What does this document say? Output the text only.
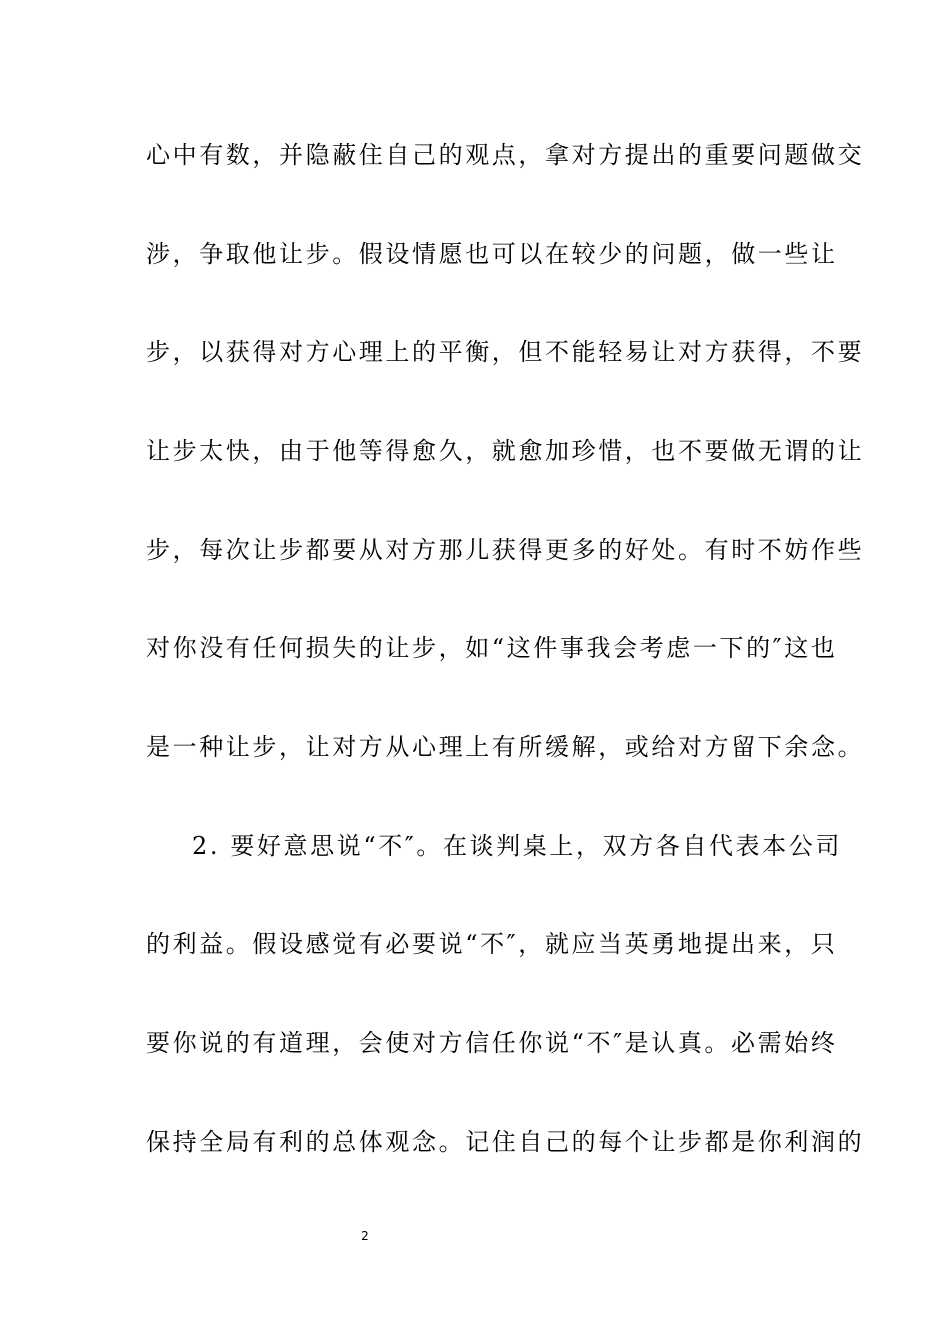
心中有数，并隐蔽住自己的观点，拿对方提出的重要问题做交
涉，争取他让步。假设情愿也可以在较少的问题，做一些让
步，以获得对方心理上的平衡，但不能轻易让对方获得，不要
让步太快，由于他等得愈久，就愈加珍惜，也不要做无谓的让
步，每次让步都要从对方那儿获得更多的好处。有时不妨作些
对你没有任何损失的让步，如“这件事我会考虑一下的″这也
是一种让步，让对方从心理上有所缓解，或给对方留下余念。
2. 要好意思说“不″。在谈判桌上，双方各自代表本公司
的利益。假设感觉有必要说“不″，就应当英勇地提出来，只
要你说的有道理，会使对方信任你说“不″是认真。必需始终
保持全局有利的总体观念。记住自己的每个让步都是你利润的
2
